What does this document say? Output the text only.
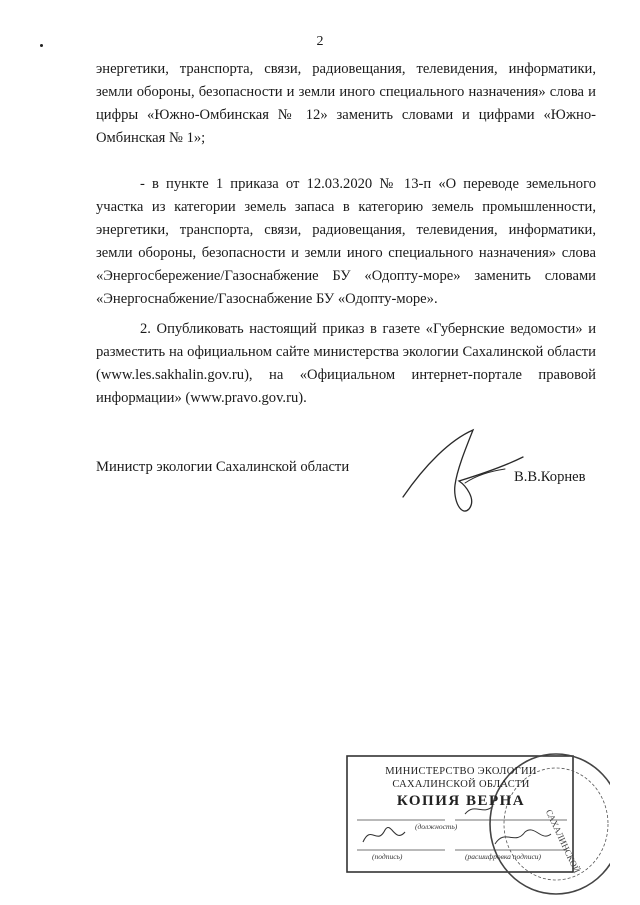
2

энергетики, транспорта, связи, радиовещания, телевидения, информатики, земли обороны, безопасности и земли иного специального назначения» слова и цифры «Южно-Омбинская № 12» заменить словами и цифрами «Южно-Омбинская № 1»;

- в пункте 1 приказа от 12.03.2020 № 13-п «О переводе земельного участка из категории земель запаса в категорию земель промышленности, энергетики, транспорта, связи, радиовещания, телевидения, информатики, земли обороны, безопасности и земли иного специального назначения» слова «Энергосбережение/Газоснабжение БУ «Одопту-море» заменить словами «Энергоснабжение/Газоснабжение БУ «Одопту-море».

2. Опубликовать настоящий приказ в газете «Губернские ведомости» и разместить на официальном сайте министерства экологии Сахалинской области (www.les.sakhalin.gov.ru), на «Официальном интернет-портале правовой информации» (www.pravo.gov.ru).

Министр экологии Сахалинской области
В.В.Корнев
САХАЛИНСКОЙ
МИНИСТЕРСТВО ЭКОЛОГИИ
САХАЛИНСКОЙ ОБЛАСТИ
КОПИЯ ВЕРНА
(должность)
(подпись)	(расшифровка подписи)
